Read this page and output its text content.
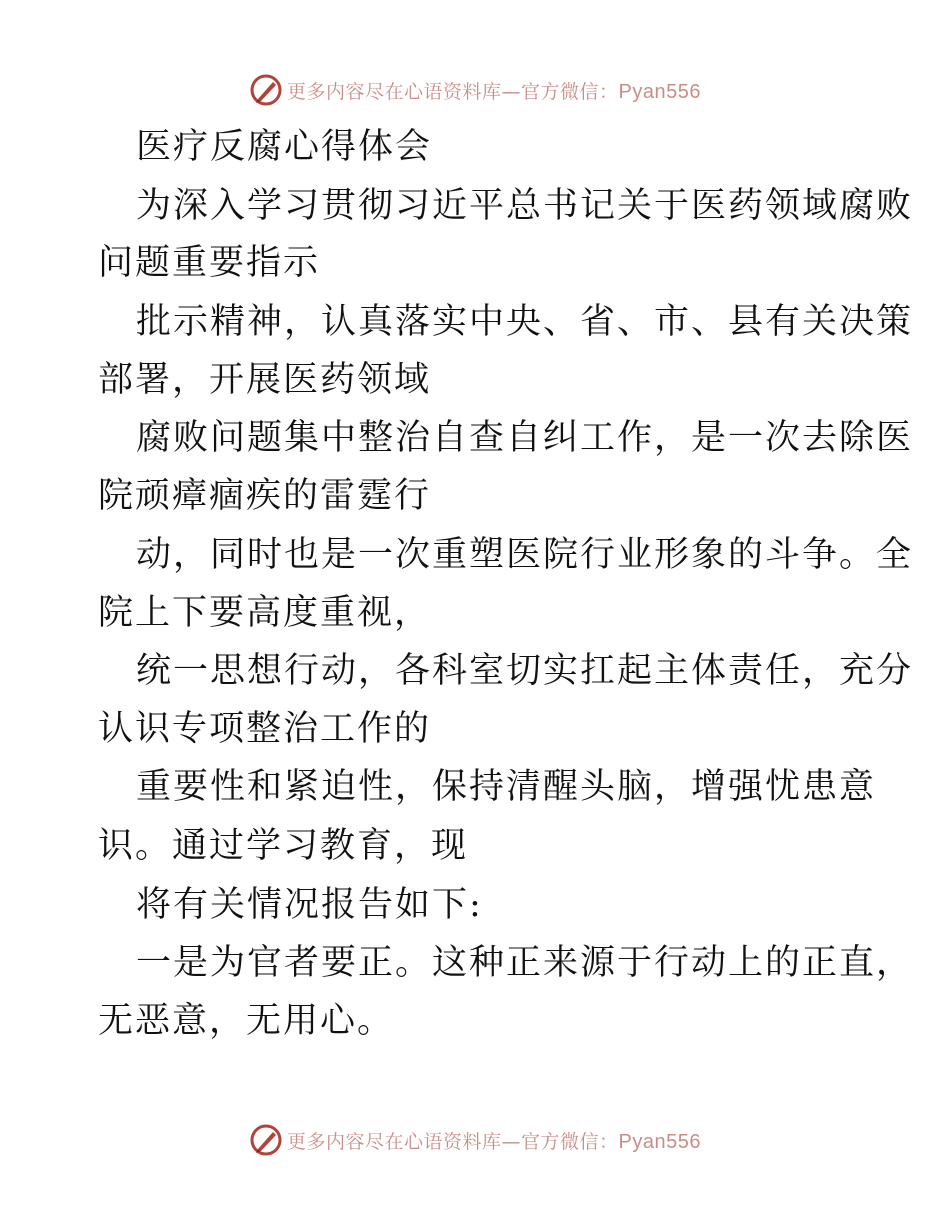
更多内容尽在心语资料库—官方微信：Pyan556
医疗反腐心得体会
为深入学习贯彻习近平总书记关于医药领域腐败
问题重要指示
批示精神，认真落实中央、省、市、县有关决策
部署，开展医药领域
腐败问题集中整治自查自纠工作，是一次去除医
院顽瘴痼疾的雷霆行
动，同时也是一次重塑医院行业形象的斗争。全
院上下要高度重视，
统一思想行动，各科室切实扛起主体责任，充分
认识专项整治工作的
重要性和紧迫性，保持清醒头脑，增强忧患意
识。通过学习教育，现
将有关情况报告如下:
一是为官者要正。这种正来源于行动上的正直，
无恶意，无用心。
更多内容尽在心语资料库—官方微信：Pyan556
